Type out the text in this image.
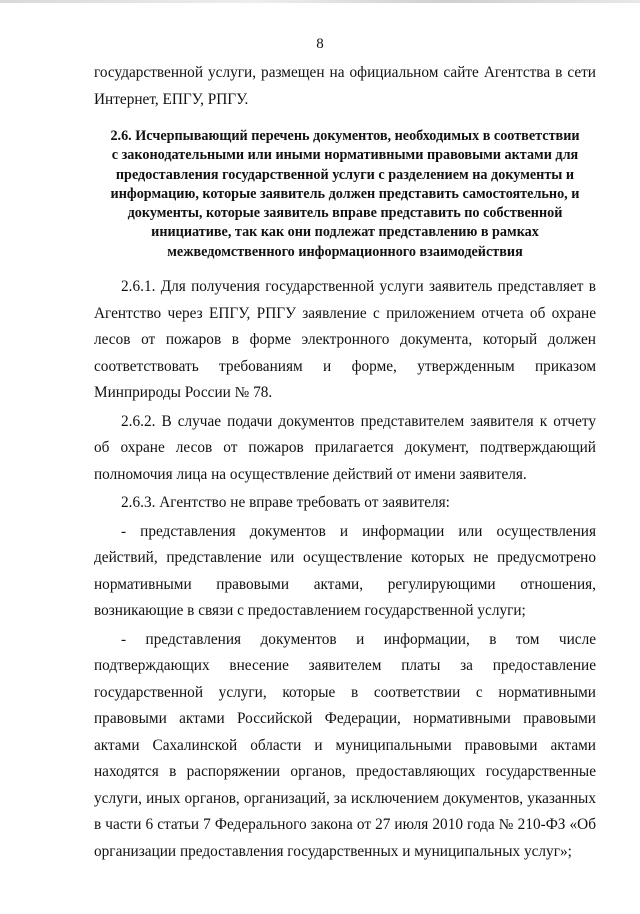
8

государственной услуги, размещен на официальном сайте Агентства в сети Интернет, ЕПГУ, РПГУ.

2.6. Исчерпывающий перечень документов, необходимых в соответствии
с законодательными или иными нормативными правовыми актами для
предоставления государственной услуги с разделением на документы и
информацию, которые заявитель должен представить самостоятельно, и
документы, которые заявитель вправе представить по собственной
инициативе, так как они подлежат представлению в рамках
межведомственного информационного взаимодействия

2.6.1. Для получения государственной услуги заявитель представляет в Агентство через ЕПГУ, РПГУ заявление с приложением отчета об охране лесов от пожаров в форме электронного документа, который должен соответствовать требованиям и форме, утвержденным приказом Минприроды России № 78.

2.6.2. В случае подачи документов представителем заявителя к отчету об охране лесов от пожаров прилагается документ, подтверждающий полномочия лица на осуществление действий от имени заявителя.

2.6.3. Агентство не вправе требовать от заявителя:

- представления документов и информации или осуществления действий, представление или осуществление которых не предусмотрено нормативными правовыми актами, регулирующими отношения, возникающие в связи с предоставлением государственной услуги;

- представления документов и информации, в том числе подтверждающих внесение заявителем платы за предоставление государственной услуги, которые в соответствии с нормативными правовыми актами Российской Федерации, нормативными правовыми актами Сахалинской области и муниципальными правовыми актами находятся в распоряжении органов, предоставляющих государственные услуги, иных органов, организаций, за исключением документов, указанных в части 6 статьи 7 Федерального закона от 27 июля 2010 года № 210-ФЗ «Об организации предоставления государственных и муниципальных услуг»;
